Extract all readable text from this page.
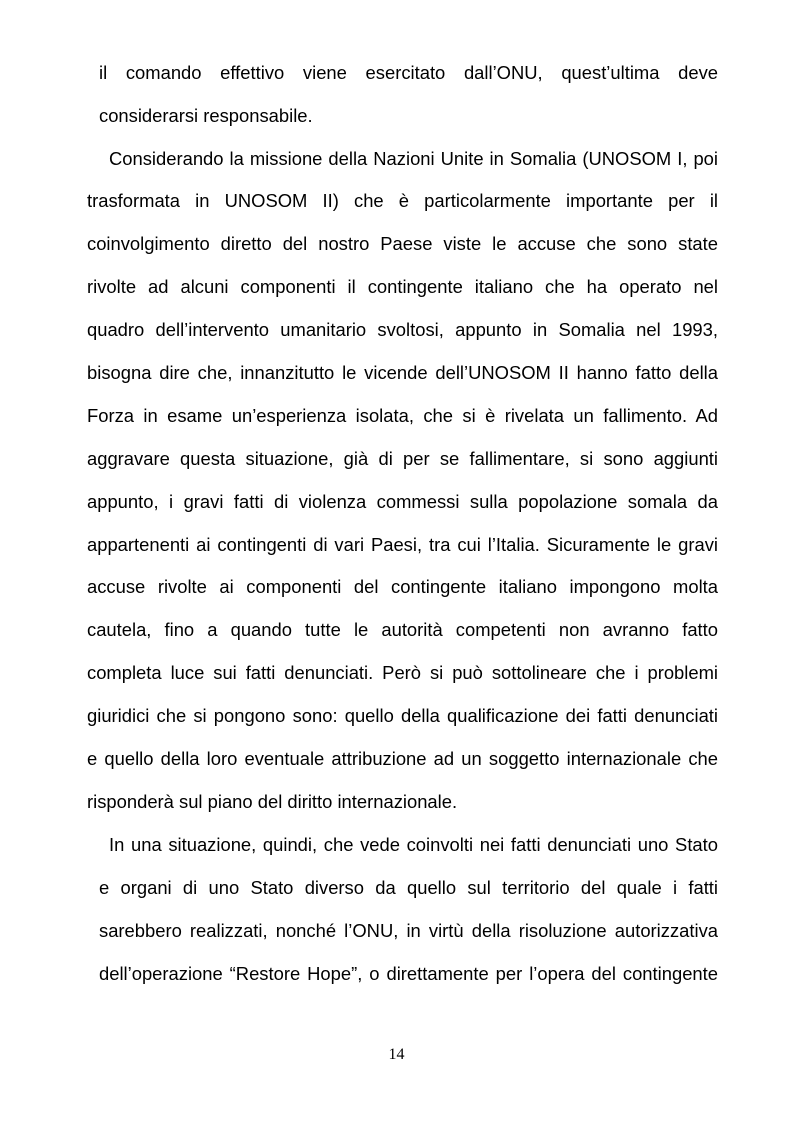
il comando effettivo viene esercitato dall’ONU, quest’ultima deve
considerarsi responsabile.
Considerando la missione della Nazioni Unite in Somalia (UNOSOM I, poi
trasformata in UNOSOM II) che è particolarmente importante per il
coinvolgimento diretto del nostro Paese viste le accuse che sono state
rivolte ad alcuni componenti il contingente italiano che ha operato nel
quadro dell’intervento umanitario svoltosi, appunto in Somalia nel 1993,
bisogna dire che, innanzitutto le vicende dell’UNOSOM II hanno fatto della
Forza in esame un’esperienza isolata, che si è rivelata un fallimento. Ad
aggravare questa situazione, già di per se fallimentare, si sono aggiunti
appunto, i gravi fatti di violenza commessi sulla popolazione somala da
appartenenti ai contingenti di vari Paesi, tra cui l’Italia. Sicuramente le gravi
accuse rivolte ai componenti del contingente italiano impongono molta
cautela, fino a quando tutte le autorità competenti non avranno fatto
completa luce sui fatti denunciati. Però si può sottolineare che i problemi
giuridici che si pongono sono: quello della qualificazione dei fatti denunciati
e quello della loro eventuale attribuzione ad un soggetto internazionale che
risponderà sul piano del diritto internazionale.
In una situazione, quindi, che vede coinvolti nei fatti denunciati uno Stato
e organi di uno Stato diverso da quello sul territorio del quale i fatti
sarebbero realizzati, nonché l’ONU, in virtù della risoluzione autorizzativa
dell’operazione “Restore Hope”, o direttamente per l’opera del contingente
14
